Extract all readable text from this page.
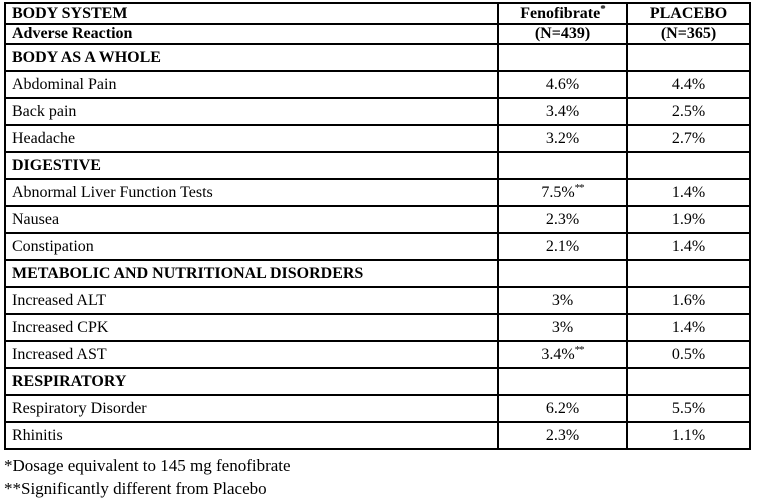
BODY SYSTEM	Fenofibrate*	PLACEBO
Adverse Reaction	(N=439)	(N=365)
BODY AS A WHOLE		
Abdominal Pain	4.6%	4.4%
Back pain	3.4%	2.5%
Headache	3.2%	2.7%
DIGESTIVE		
Abnormal Liver Function Tests	7.5%**	1.4%
Nausea	2.3%	1.9%
Constipation	2.1%	1.4%
METABOLIC AND NUTRITIONAL DISORDERS		
Increased ALT	3%	1.6%
Increased CPK	3%	1.4%
Increased AST	3.4%**	0.5%
RESPIRATORY		
Respiratory Disorder	6.2%	5.5%
Rhinitis	2.3%	1.1%
*Dosage equivalent to 145 mg fenofibrate
**Significantly different from Placebo
